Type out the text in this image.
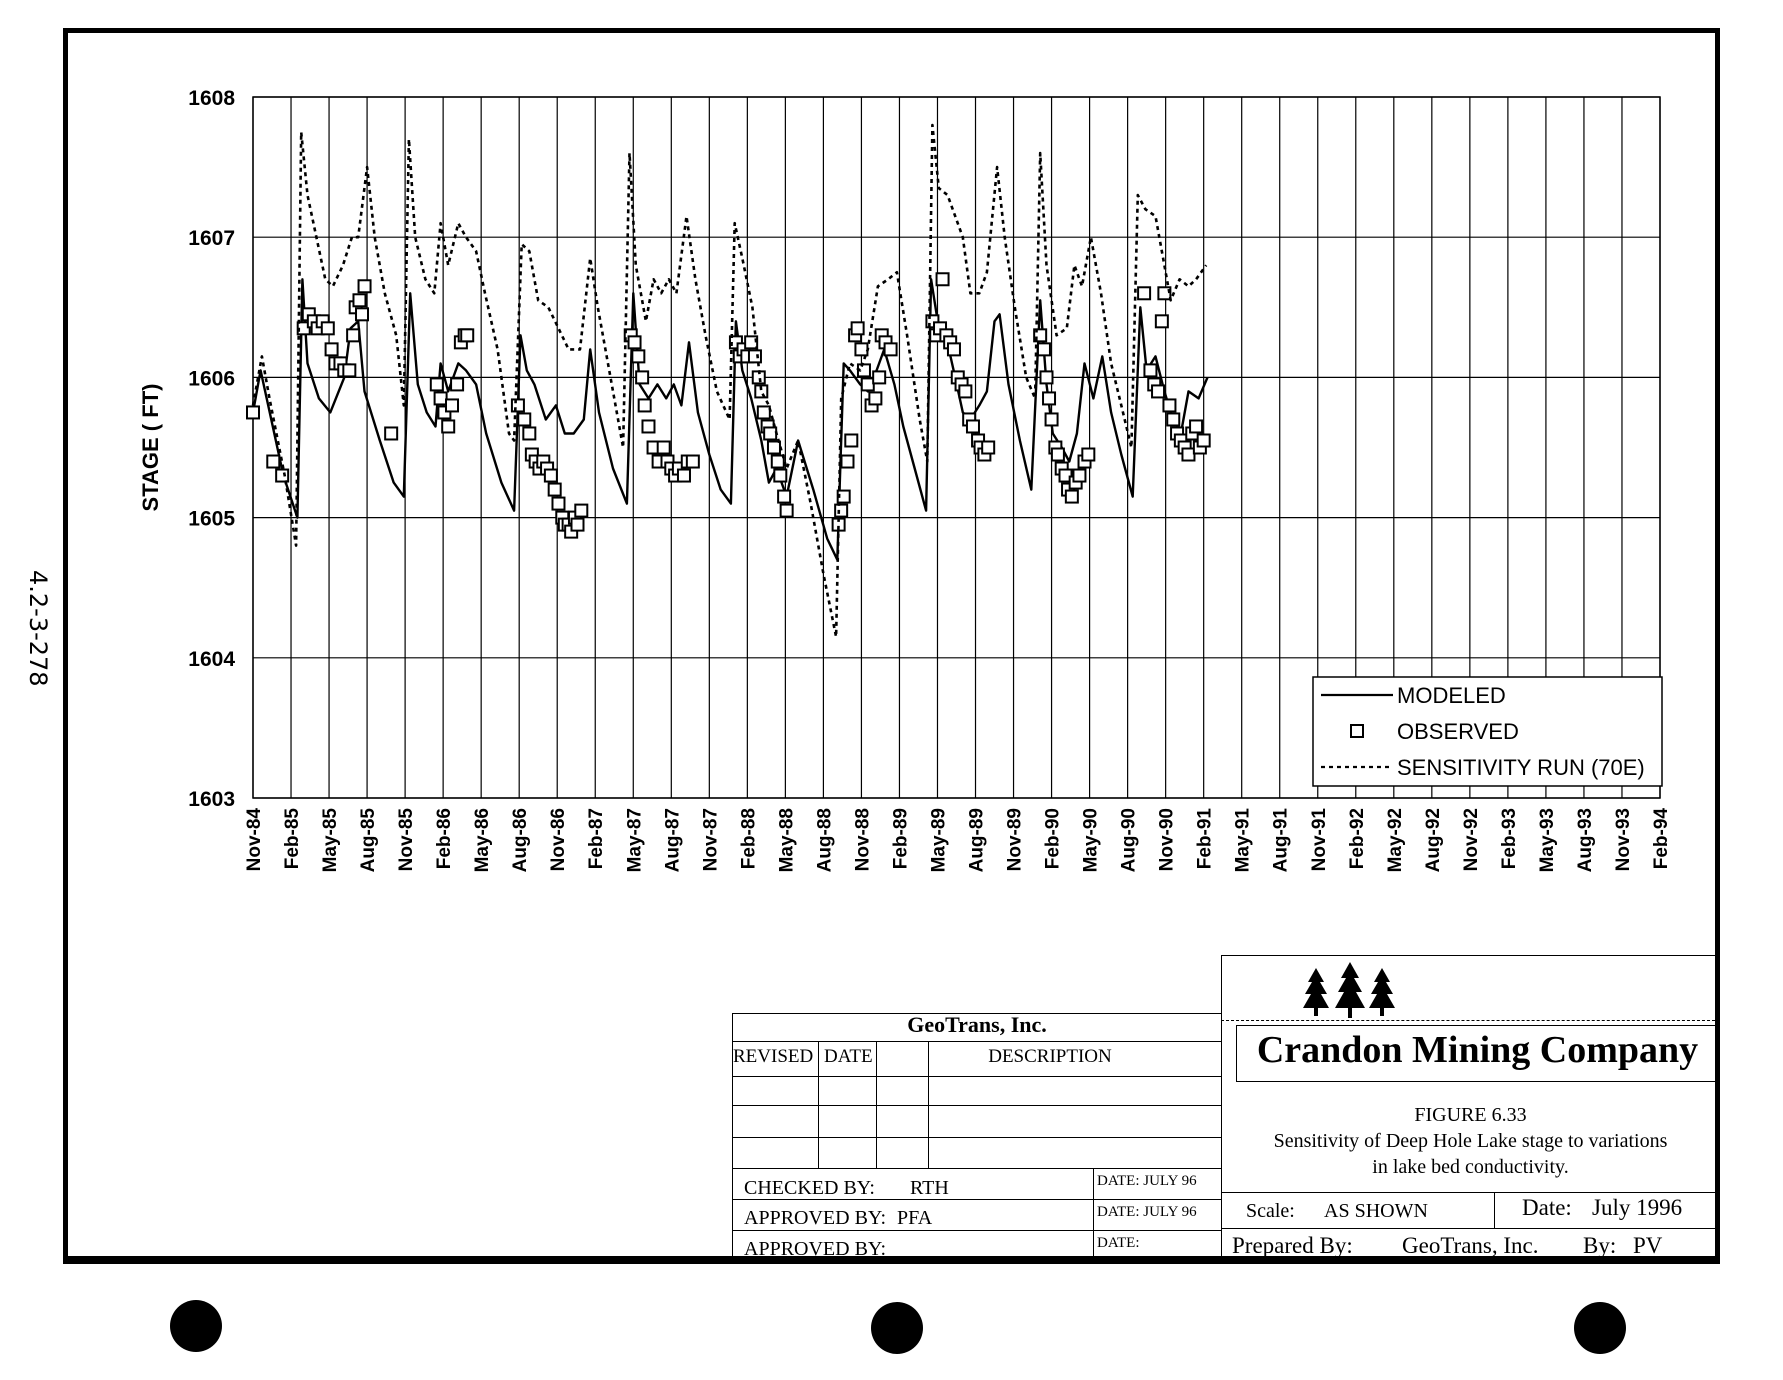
4.2-3-278
1603
1604
1605
1606
1607
1608
STAGE ( FT)
Nov-84 Feb-85 May-85 Aug-85 Nov-85 Feb-86 May-86 Aug-86 Nov-86 Feb-87 May-87 Aug-87 Nov-87 Feb-88 May-88 Aug-88 Nov-88 Feb-89 May-89 Aug-89 Nov-89 Feb-90 May-90 Aug-90 Nov-90 Feb-91 May-91 Aug-91 Nov-91 Feb-92 May-92 Aug-92 Nov-92 Feb-93 May-93 Aug-93 Nov-93 Feb-94
MODELED
OBSERVED
SENSITIVITY RUN (70E)
GeoTrans, Inc.
REVISED DATE	DESCRIPTION
CHECKED BY: RTH	DATE: JULY 96
APPROVED BY: PFA	DATE: JULY 96
APPROVED BY:	DATE:
Crandon Mining Company
FIGURE 6.33
Sensitivity of Deep Hole Lake stage to variations
in lake bed conductivity.
Scale: AS SHOWN	Date: July 1996
Prepared By: GeoTrans, Inc. By: PV
